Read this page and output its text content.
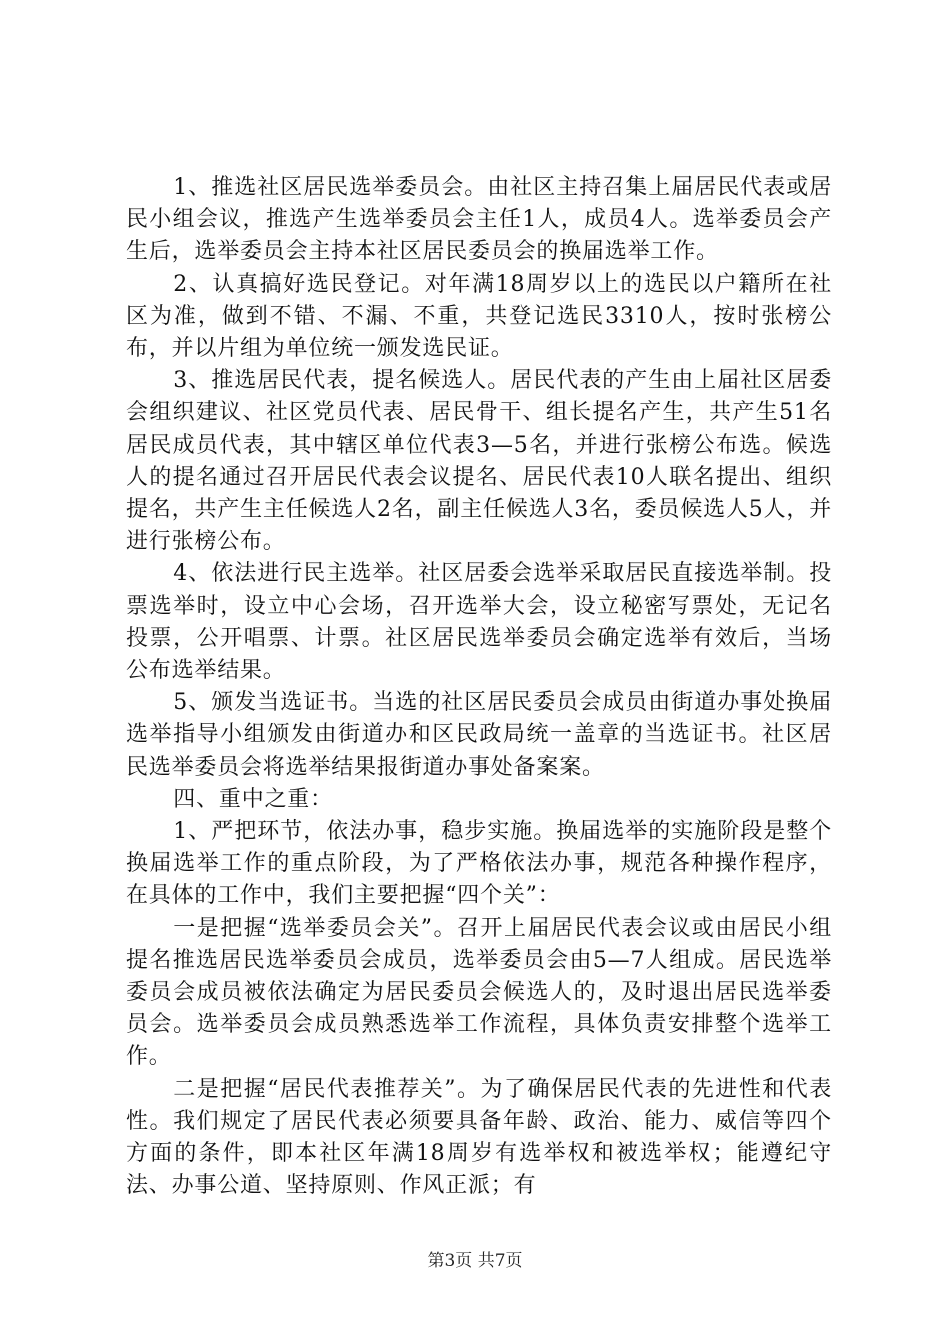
1、推选社区居民选举委员会。由社区主持召集上届居民代表或居民小组会议，推选产生选举委员会主任1人，成员4人。选举委员会产生后，选举委员会主持本社区居民委员会的换届选举工作。

2、认真搞好选民登记。对年满18周岁以上的选民以户籍所在社区为准，做到不错、不漏、不重，共登记选民3310人，按时张榜公布，并以片组为单位统一颁发选民证。

3、推选居民代表，提名候选人。居民代表的产生由上届社区居委会组织建议、社区党员代表、居民骨干、组长提名产生，共产生51名居民成员代表，其中辖区单位代表3—5名，并进行张榜公布选。候选人的提名通过召开居民代表会议提名、居民代表10人联名提出、组织提名，共产生主任候选人2名，副主任候选人3名，委员候选人5人，并进行张榜公布。

4、依法进行民主选举。社区居委会选举采取居民直接选举制。投票选举时，设立中心会场，召开选举大会，设立秘密写票处，无记名投票，公开唱票、计票。社区居民选举委员会确定选举有效后，当场公布选举结果。

5、颁发当选证书。当选的社区居民委员会成员由街道办事处换届选举指导小组颁发由街道办和区民政局统一盖章的当选证书。社区居民选举委员会将选举结果报街道办事处备案案。

四、重中之重：

1、严把环节，依法办事，稳步实施。换届选举的实施阶段是整个换届选举工作的重点阶段，为了严格依法办事，规范各种操作程序，在具体的工作中，我们主要把握“四个关”：

一是把握“选举委员会关”。召开上届居民代表会议或由居民小组提名推选居民选举委员会成员，选举委员会由5—7人组成。居民选举委员会成员被依法确定为居民委员会候选人的，及时退出居民选举委员会。选举委员会成员熟悉选举工作流程，具体负责安排整个选举工作。

二是把握“居民代表推荐关”。为了确保居民代表的先进性和代表性。我们规定了居民代表必须要具备年龄、政治、能力、威信等四个方面的条件，即本社区年满18周岁有选举权和被选举权；能遵纪守法、办事公道、坚持原则、作风正派；有

第3页 共7页
